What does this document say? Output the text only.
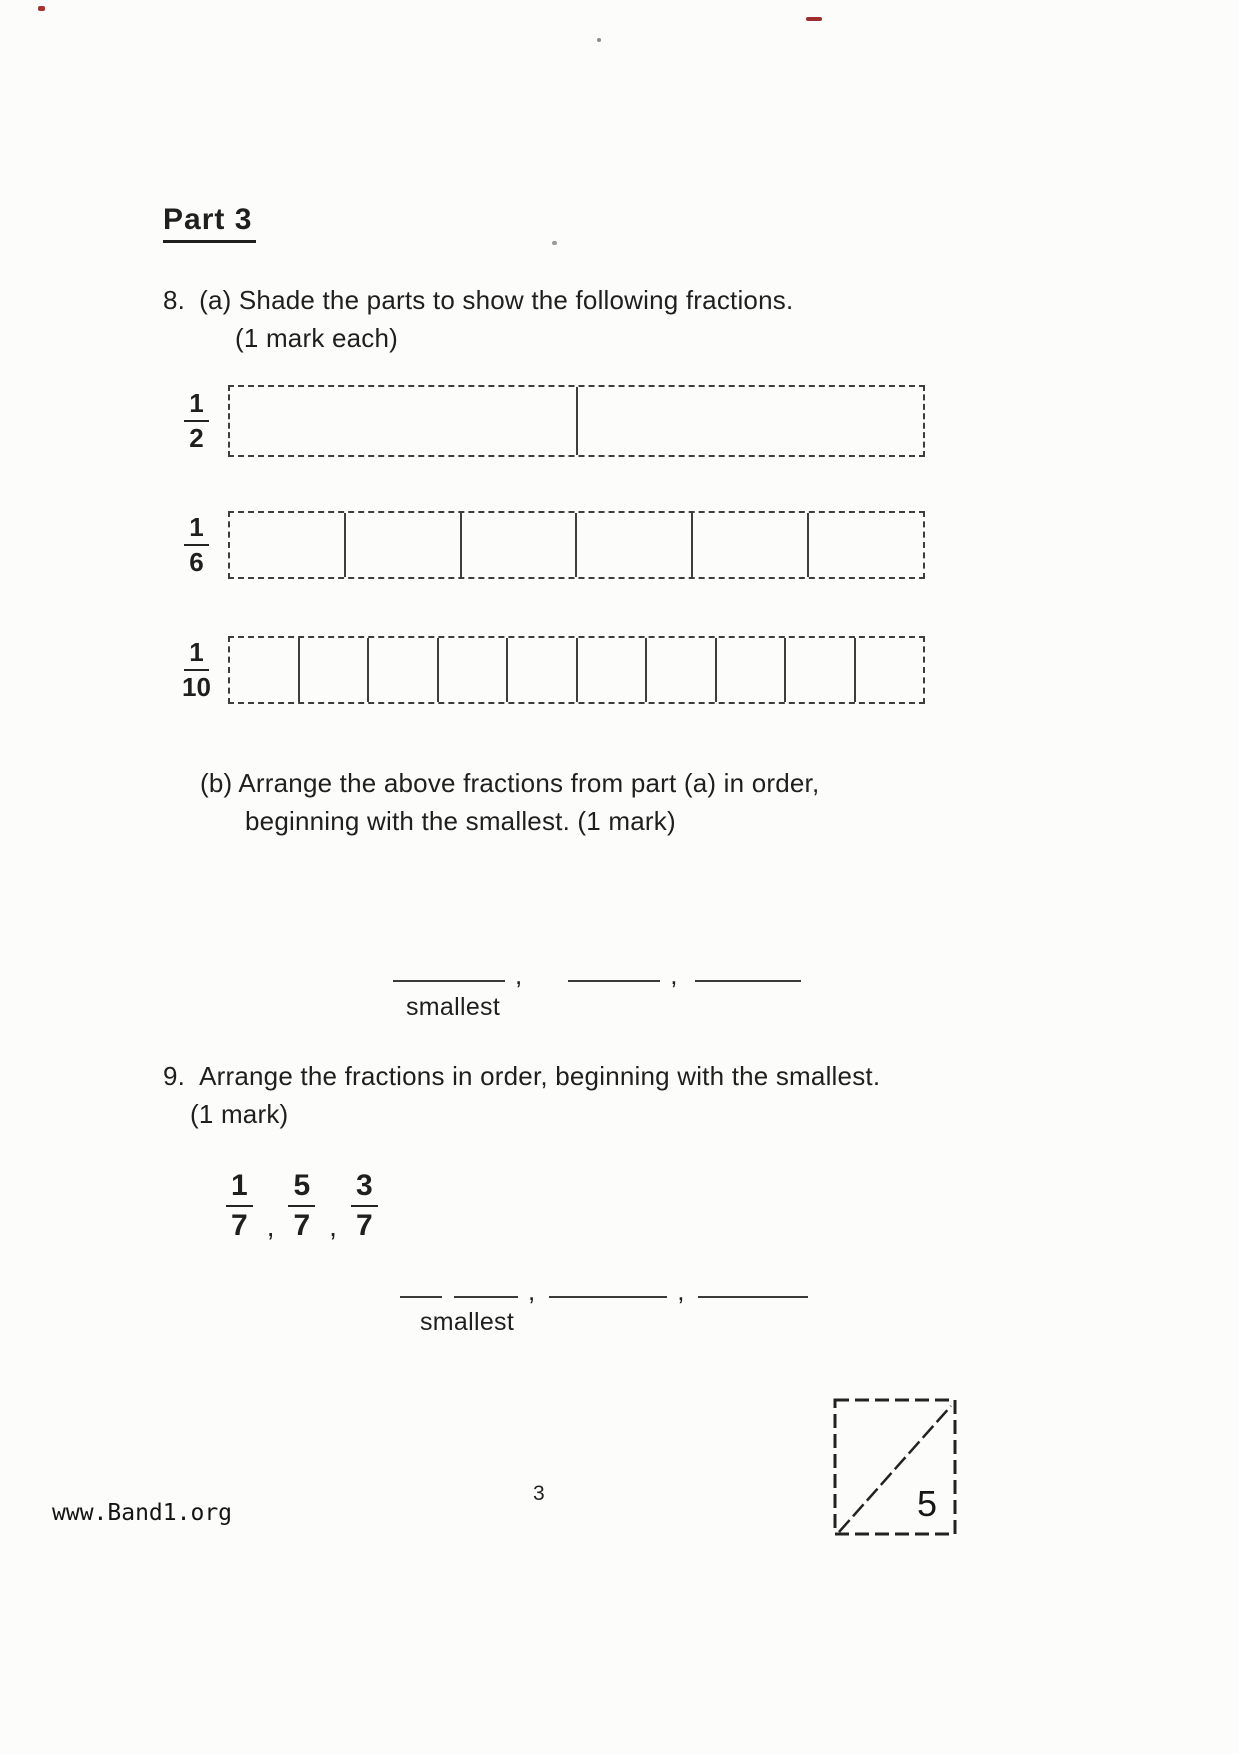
Part 3
8. (a) Shade the parts to show the following fractions.
(1 mark each)
$\frac{1}{2}$
$\frac{1}{6}$
$\frac{1}{10}$
(b) Arrange the above fractions from part (a) in order,
beginning with the smallest. (1 mark)
,	,
smallest
9. Arrange the fractions in order, beginning with the smallest.
(1 mark)
$\frac{1}{7}$ , $\frac{5}{7}$ , $\frac{3}{7}$
,	,
smallest
5
3
www.Band1.org
